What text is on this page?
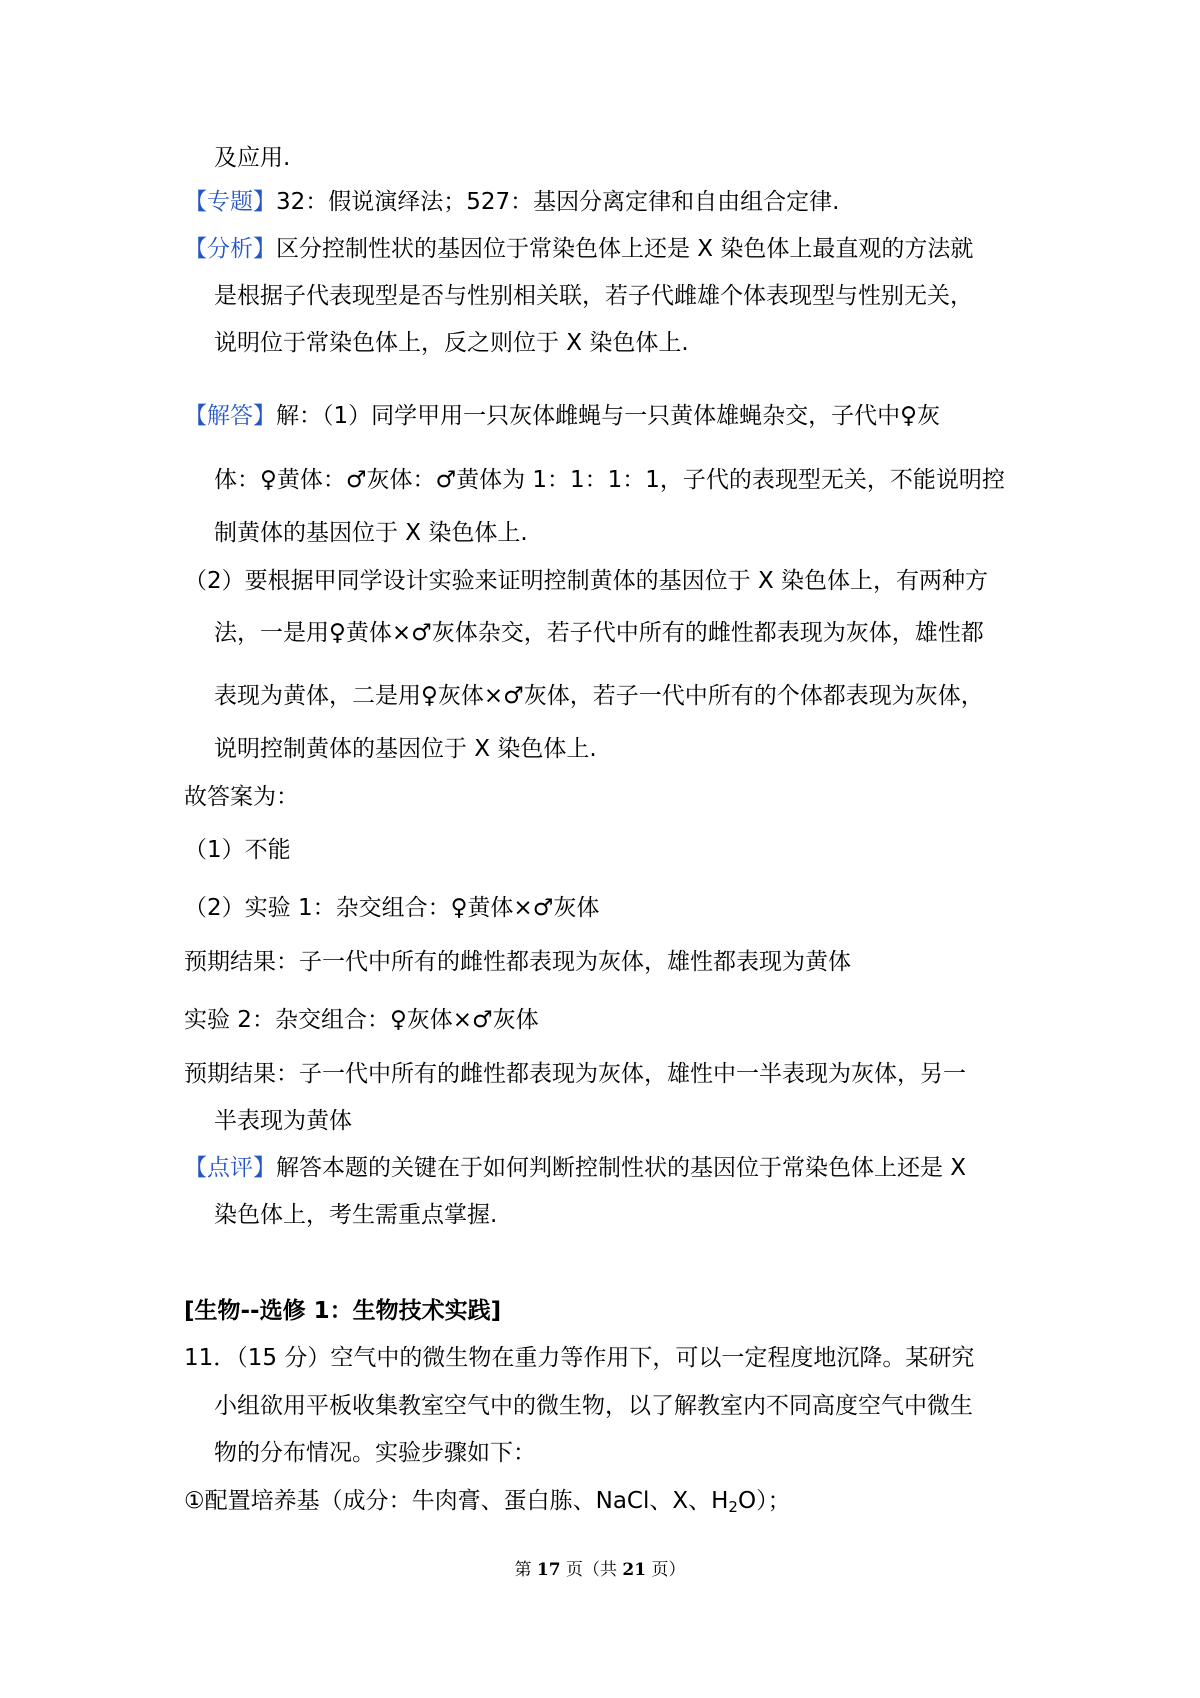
及应用.
【专题】32：假说演绎法；527：基因分离定律和自由组合定律.
【分析】区分控制性状的基因位于常染色体上还是 X 染色体上最直观的方法就
是根据子代表现型是否与性别相关联，若子代雌雄个体表现型与性别无关，
说明位于常染色体上，反之则位于 X 染色体上.
【解答】解：（1）同学甲用一只灰体雌蝇与一只黄体雄蝇杂交，子代中♀灰
体：♀黄体：♂灰体：♂黄体为 1：1：1：1，子代的表现型无关，不能说明控
制黄体的基因位于 X 染色体上.
（2）要根据甲同学设计实验来证明控制黄体的基因位于 X 染色体上，有两种方
法，一是用♀黄体×♂灰体杂交，若子代中所有的雌性都表现为灰体，雄性都
表现为黄体，二是用♀灰体×♂灰体，若子一代中所有的个体都表现为灰体，
说明控制黄体的基因位于 X 染色体上.
故答案为：
（1）不能
（2）实验 1：杂交组合：♀黄体×♂灰体
预期结果：子一代中所有的雌性都表现为灰体，雄性都表现为黄体
实验 2：杂交组合：♀灰体×♂灰体
预期结果：子一代中所有的雌性都表现为灰体，雄性中一半表现为灰体，另一
半表现为黄体
【点评】解答本题的关键在于如何判断控制性状的基因位于常染色体上还是 X
染色体上，考生需重点掌握.
[生物--选修 1：生物技术实践]
11．（15 分）空气中的微生物在重力等作用下，可以一定程度地沉降。某研究
小组欲用平板收集教室空气中的微生物，以了解教室内不同高度空气中微生
物的分布情况。实验步骤如下：
①配置培养基（成分：牛肉膏、蛋白胨、NaCl、X、$H_2O$）；
第 17 页（共 21 页）
